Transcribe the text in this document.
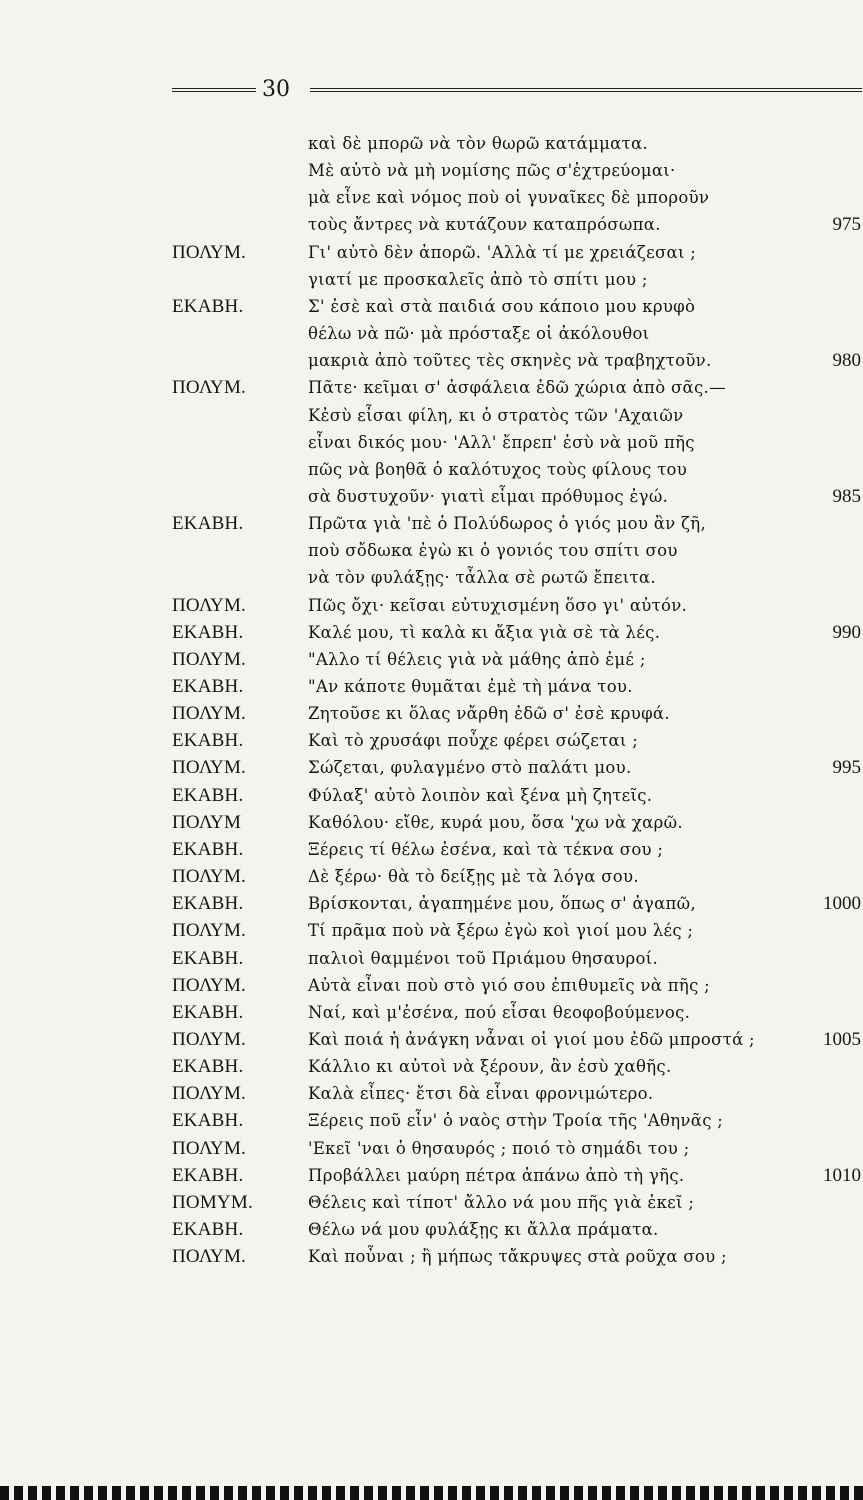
30
καὶ δὲ μπορῶ νὰ τὸν θωρῶ κατάμματα.
Μὲ αὐτὸ νὰ μὴ νομίσης πῶς σ'ἐχτρεύομαι·
μὰ εἶνε καὶ νόμος ποὺ οἱ γυναῖκες δὲ μποροῦν
τοὺς ἄντρες νὰ κυτάζουν καταπρόσωπα.	975
ΠΟΛΥΜ.	Γι' αὐτὸ δὲν ἀπορῶ. 'Αλλὰ τί με χρειάζεσαι ;
γιατί με προσκαλεῖς ἀπὸ τὸ σπίτι μου ;
ΕΚΑΒΗ.	Σ' ἐσὲ καὶ στὰ παιδιά σου κάποιο μου κρυφὸ
θέλω νὰ πῶ· μὰ πρόσταξε οἱ ἀκόλουθοι
μακριὰ ἀπὸ τοῦτες τὲς σκηνὲς νὰ τραβηχτοῦν.	980
ΠΟΛΥΜ.	Πᾶτε· κεῖμαι σ' ἀσφάλεια ἐδῶ χώρια ἀπὸ σᾶς.—
Κἐσὺ εἶσαι φίλη, κι ὁ στρατὸς τῶν 'Αχαιῶν
εἶναι δικός μου· 'Αλλ' ἔπρεπ' ἐσὺ νὰ μοῦ πῆς
πῶς νὰ βοηθᾶ ὁ καλότυχος τοὺς φίλους του
σὰ δυστυχοῦν· γιατὶ εἶμαι πρόθυμος ἐγώ.	985
ΕΚΑΒΗ.	Πρῶτα γιὰ 'πὲ ὁ Πολύδωρος ὁ γιός μου ἂν ζῆ,
ποὺ σὄδωκα ἐγὼ κι ὁ γονιός του σπίτι σου
νὰ τὸν φυλάξῃς· τἆλλα σὲ ρωτῶ ἔπειτα.
ΠΟΛΥΜ.	Πῶς ὄχι· κεῖσαι εὐτυχισμένη ὅσο γι' αὐτόν.
ΕΚΑΒΗ.	Καλέ μου, τὶ καλὰ κι ἄξια γιὰ σὲ τὰ λές.	990
ΠΟΛΥΜ.	"Αλλο τί θέλεις γιὰ νὰ μάθης ἀπὸ ἐμέ ;
ΕΚΑΒΗ.	"Αν κάποτε θυμᾶται ἐμὲ τὴ μάνα του.
ΠΟΛΥΜ.	Ζητοῦσε κι ὅλας νἄρθη ἐδῶ σ' ἐσὲ κρυφά.
ΕΚΑΒΗ.	Καὶ τὸ χρυσάφι ποὖχε φέρει σώζεται ;
ΠΟΛΥΜ.	Σώζεται, φυλαγμένο στὸ παλάτι μου.	995
ΕΚΑΒΗ.	Φύλαξ' αὐτὸ λοιπὸν καὶ ξένα μὴ ζητεῖς.
ΠΟΛΥΜ	Καθόλου· εἴθε, κυρά μου, ὅσα 'χω νὰ χαρῶ.
ΕΚΑΒΗ.	Ξέρεις τί θέλω ἐσένα, καὶ τὰ τέκνα σου ;
ΠΟΛΥΜ.	Δὲ ξέρω· θὰ τὸ δείξῃς μὲ τὰ λόγα σου.
ΕΚΑΒΗ.	Βρίσκονται, ἀγαπημένε μου, ὅπως σ' ἀγαπῶ,	1000
ΠΟΛΥΜ.	Τί πρᾶμα ποὺ νὰ ξέρω ἐγὼ κοὶ γιοί μου λές ;
ΕΚΑΒΗ.	παλιοὶ θαμμένοι τοῦ Πριάμου θησαυροί.
ΠΟΛΥΜ.	Αὐτὰ εἶναι ποὺ στὸ γιό σου ἐπιθυμεῖς νὰ πῆς ;
ΕΚΑΒΗ.	Ναί, καὶ μ'ἐσένα, πού εἶσαι θεοφοβούμενος.
ΠΟΛΥΜ.	Καὶ ποιά ἡ ἀνάγκη νἆναι οἱ γιοί μου ἐδῶ μπροστά ;	1005
ΕΚΑΒΗ.	Κάλλιο κι αὐτοὶ νὰ ξέρουν, ἂν ἐσὺ χαθῆς.
ΠΟΛΥΜ.	Καλὰ εἶπες· ἔτσι δὰ εἶναι φρονιμώτερο.
ΕΚΑΒΗ.	Ξέρεις ποῦ εἶν' ὁ ναὸς στὴν Τροία τῆς 'Αθηνᾶς ;
ΠΟΛΥΜ.	'Εκεῖ 'ναι ὁ θησαυρός ; ποιό τὸ σημάδι του ;
ΕΚΑΒΗ.	Προβάλλει μαύρη πέτρα ἀπάνω ἀπὸ τὴ γῆς.	1010
ΠΟΜΥΜ.	Θέλεις καὶ τίποτ' ἄλλο νά μου πῆς γιὰ ἐκεῖ ;
ΕΚΑΒΗ.	Θέλω νά μου φυλάξῃς κι ἄλλα πράματα.
ΠΟΛΥΜ.	Καὶ ποὖναι ; ἢ μήπως τἄκρυψες στὰ ροῦχα σου ;
